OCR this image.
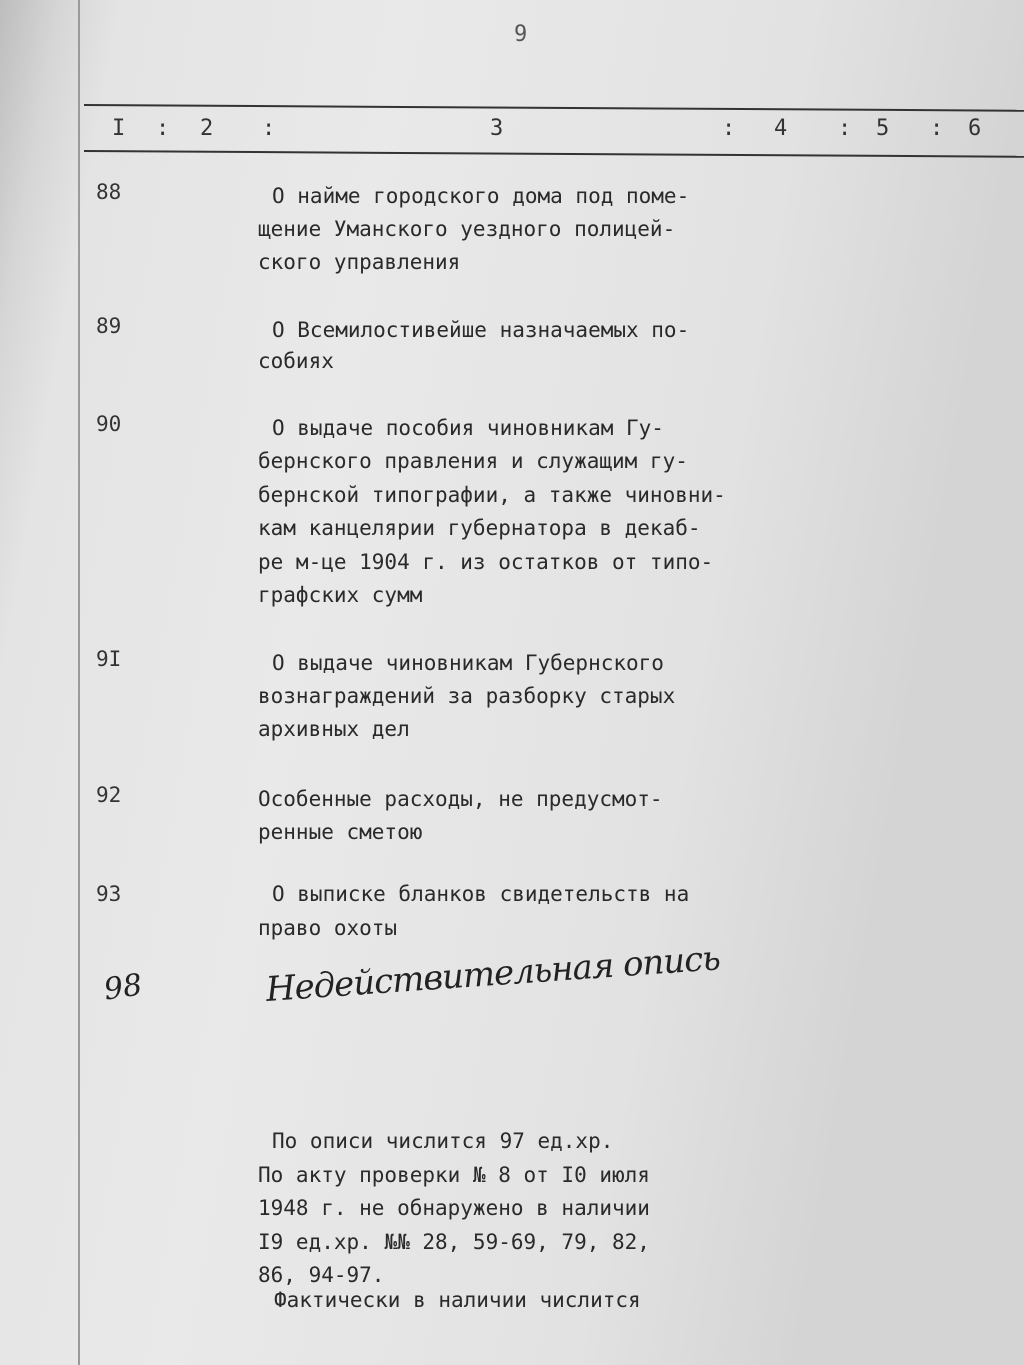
9
I : 2 :	3	: 4 : 5 : 6
88	О найме городского дома под поме-
щение Уманского уездного полицей-
ского управления
89	О Всемилостивейше назначаемых по-
собиях
90	О выдаче пособия чиновникам Гу-
бернского правления и служащим гу-
бернской типографии, а также чиновни-
кам канцелярии губернатора в декаб-
ре м-це 1904 г. из остатков от типо-
графских сумм
9I	О выдаче чиновникам Губернского
вознаграждений за разборку старых
архивных дел
92	Особенные расходы, не предусмот-
ренные сметою
93	О выписке бланков свидетельств на
право охоты
98	Недействительная опись
По описи числится 97 ед.хр.
По акту проверки № 8 от I0 июля
1948 г. не обнаружено в наличии
I9 ед.хр. №№ 28, 59-69, 79, 82,
86, 94-97.
Фактически в наличии числится
